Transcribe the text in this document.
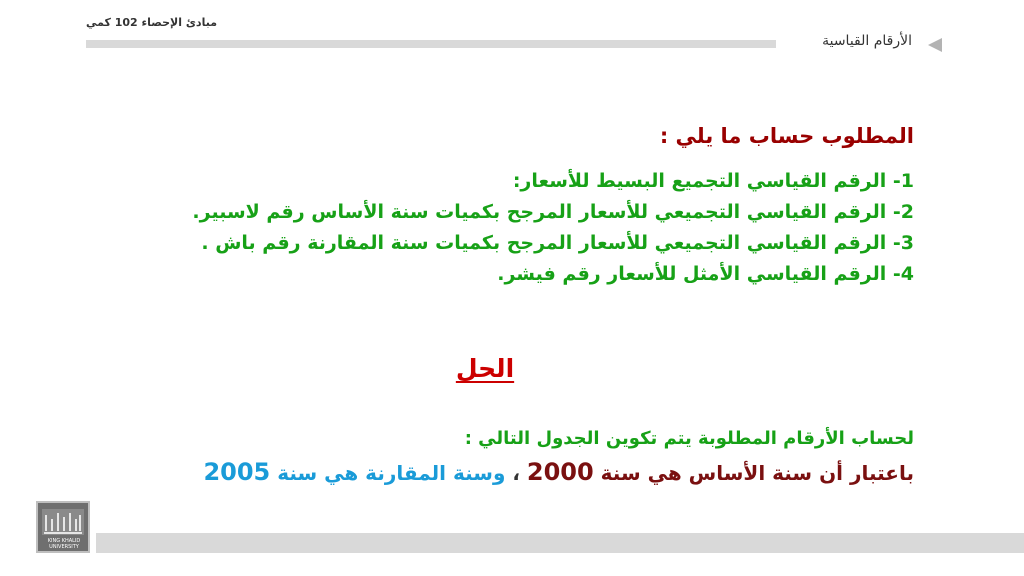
مبادئ الإحصاء 102 كمي
الأرقام القياسية
المطلوب حساب ما يلي :
1- الرقم القياسي التجميع البسيط للأسعار:
2- الرقم القياسي التجميعي للأسعار المرجح بكميات سنة الأساس رقم لاسبير.
3- الرقم القياسي التجميعي للأسعار المرجح بكميات سنة المقارنة رقم باش .
4- الرقم القياسي الأمثل للأسعار رقم فيشر.
الحل
لحساب الأرقام المطلوبة يتم تكوين الجدول التالي :
باعتبار أن سنة الأساس هي سنة 2000 ، وسنة المقارنة هي سنة 2005
KING KHALID UNIVERSITY
